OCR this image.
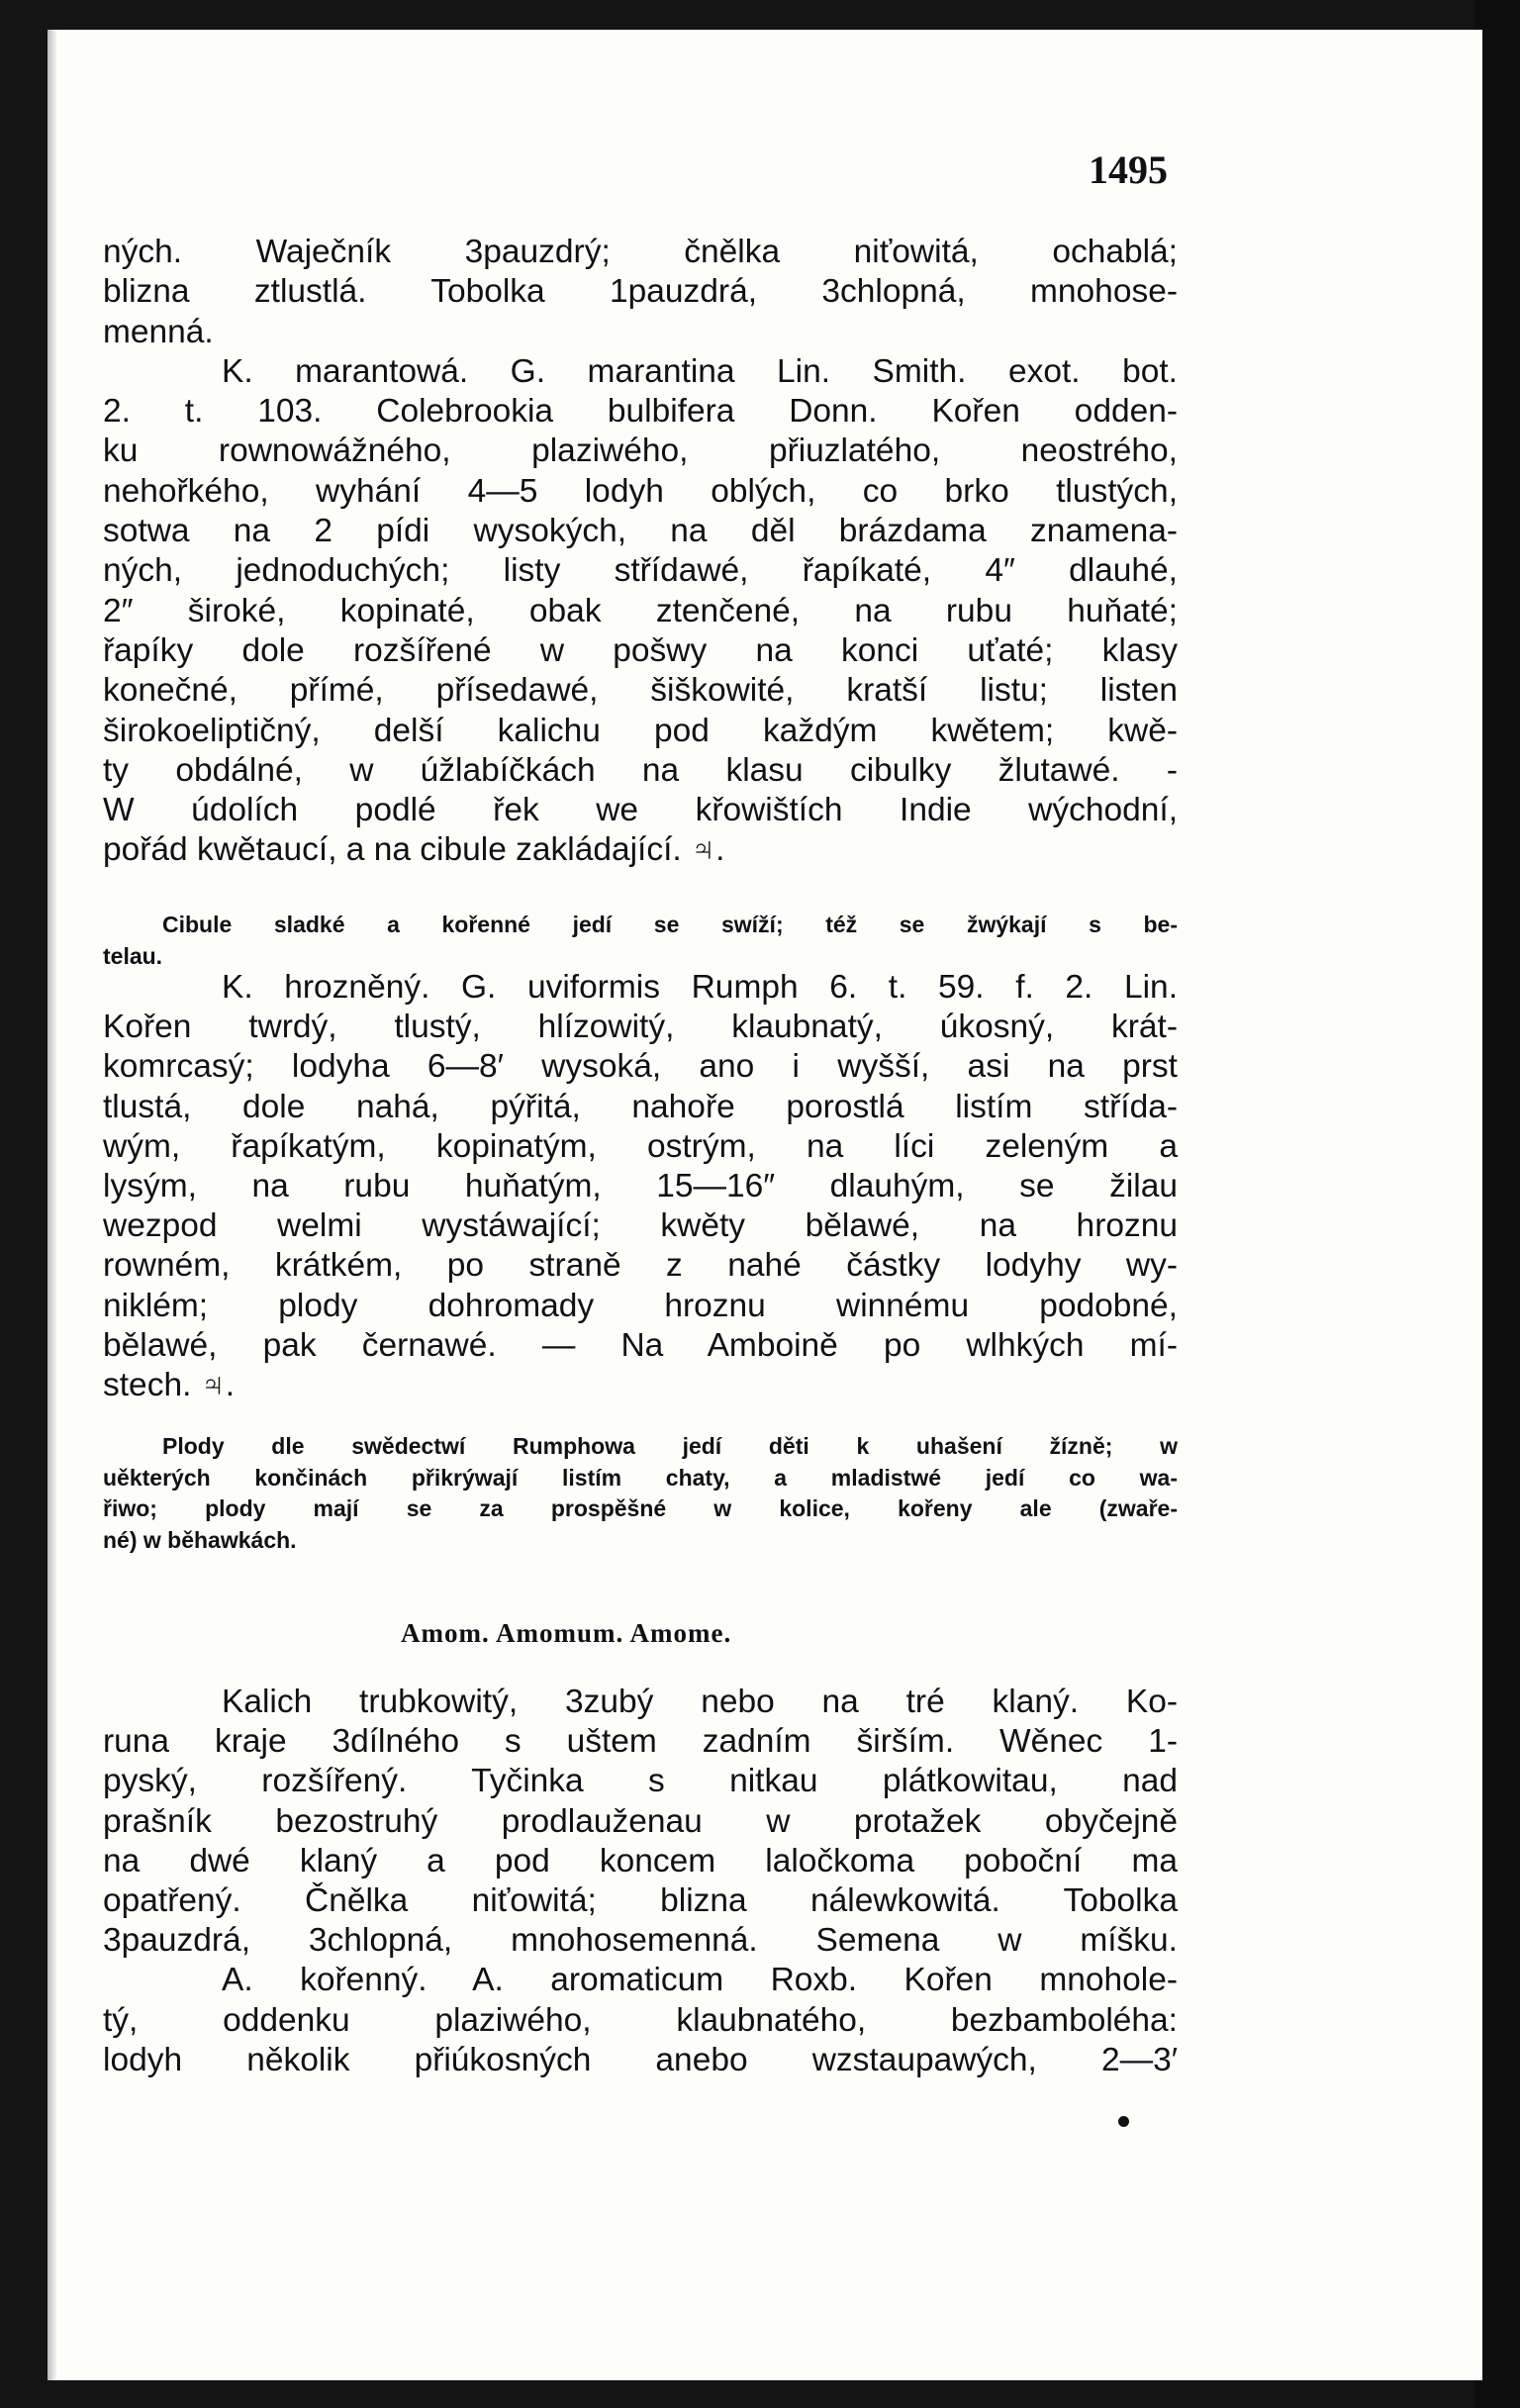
1495
ných. Waječník 3pauzdrý; čnělka niťowitá, ochablá;
blizna ztlustlá. Tobolka 1pauzdrá, 3chlopná, mnohose-
menná.
K. marantowá. G. marantina Lin. Smith. exot. bot.
2. t. 103. Colebrookia bulbifera Donn. Kořen odden-
ku rownowážného, plaziwého, přiuzlatého, neostrého,
nehořkého, wyhání 4—5 lodyh oblých, co brko tlustých,
sotwa na 2 pídi wysokých, na děl brázdama znamena-
ných, jednoduchých; listy střídawé, řapíkaté, 4″ dlauhé,
2″ široké, kopinaté, obak ztenčené, na rubu huňaté;
řapíky dole rozšířené w pošwy na konci uťaté; klasy
konečné, přímé, přísedawé, šiškowité, kratší listu; listen
širokoeliptičný, delší kalichu pod každým kwětem; kwě-
ty obdálné, w úžlabíčkách na klasu cibulky žlutawé. -
W údolích podlé řek we křowištích Indie wýchodní,
pořád kwětaucí, a na cibule zakládající. ♃.
Cibule sladké a kořenné jedí se swíží; též se žwýkají s be-
telau.
K. hrozněný. G. uviformis Rumph 6. t. 59. f. 2. Lin.
Kořen twrdý, tlustý, hlízowitý, klaubnatý, úkosný, krát-
komrcasý; lodyha 6—8′ wysoká, ano i wyšší, asi na prst
tlustá, dole nahá, pýřitá, nahoře porostlá listím střída-
wým, řapíkatým, kopinatým, ostrým, na líci zeleným a
lysým, na rubu huňatým, 15—16″ dlauhým, se žilau
wezpod welmi wystáwající; kwěty bělawé, na hroznu
rowném, krátkém, po straně z nahé částky lodyhy wy-
niklém; plody dohromady hroznu winnému podobné,
bělawé, pak černawé. — Na Amboině po wlhkých mí-
stech. ♃.
Plody dle swědectwí Rumphowa jedí děti k uhašení žízně; w
uěkterých končinách přikrýwají listím chaty, a mladistwé jedí co wa-
řiwo; plody mají se za prospěšné w kolice, kořeny ale (zwaře-
né) w běhawkách.
Amom. Amomum. Amome.
Kalich trubkowitý, 3zubý nebo na tré klaný. Ko-
runa kraje 3dílného s uštem zadním širším. Wěnec 1-
pyský, rozšířený. Tyčinka s nitkau plátkowitau, nad
prašník bezostruhý prodlauženau w protažek obyčejně
na dwé klaný a pod koncem laločkoma poboční ma
opatřený. Čnělka niťowitá; blizna nálewkowitá. Tobolka
3pauzdrá, 3chlopná, mnohosemenná. Semena w míšku.
A. kořenný. A. aromaticum Roxb. Kořen mnohole-
tý, oddenku plaziwého, klaubnatého, bezbamboléha:
lodyh několik přiúkosných anebo wzstaupawých, 2—3′
